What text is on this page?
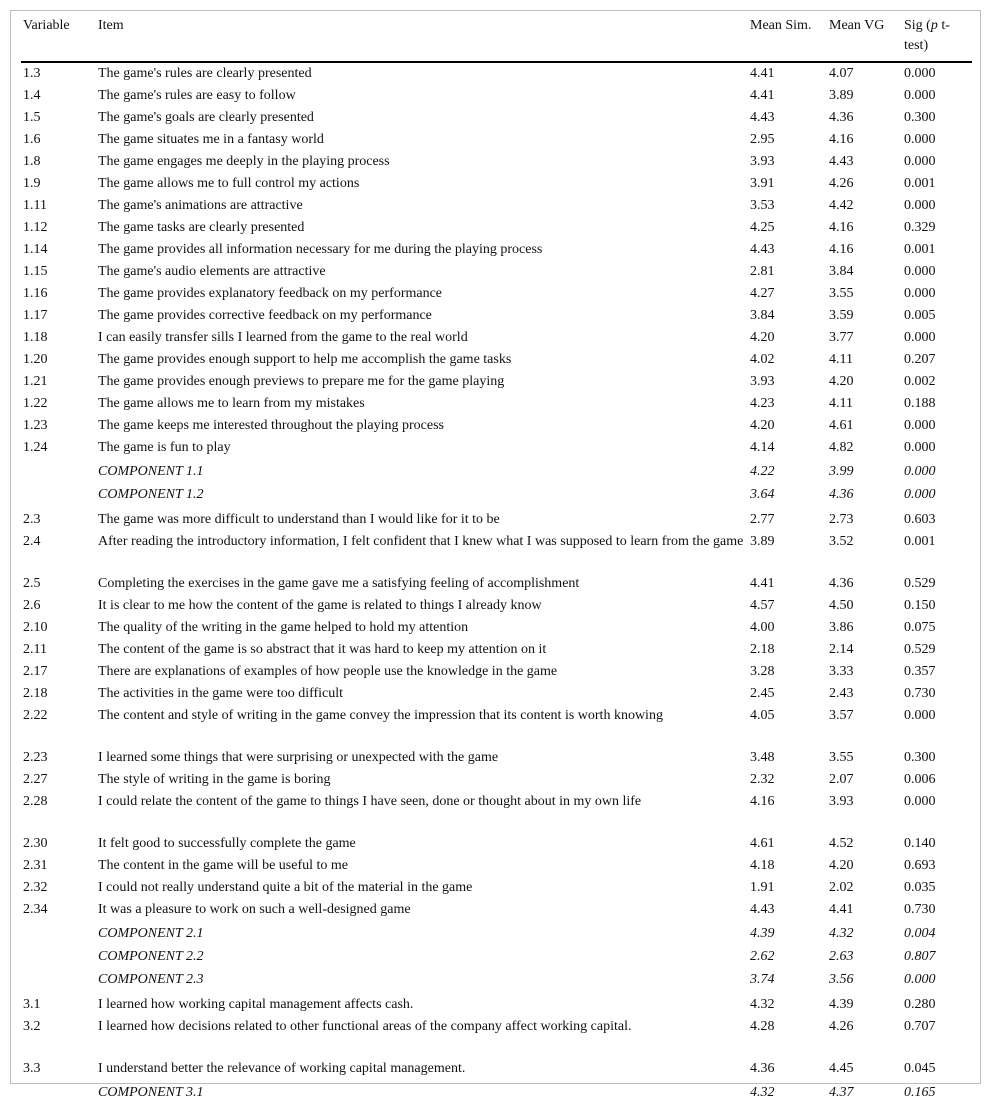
Variable	Item	Mean Sim.	Mean VG	Sig (p t-test)
1.3	The game's rules are clearly presented	4.41	4.07	0.000
1.4	The game's rules are easy to follow	4.41	3.89	0.000
1.5	The game's goals are clearly presented	4.43	4.36	0.300
1.6	The game situates me in a fantasy world	2.95	4.16	0.000
1.8	The game engages me deeply in the playing process	3.93	4.43	0.000
1.9	The game allows me to full control my actions	3.91	4.26	0.001
1.11	The game's animations are attractive	3.53	4.42	0.000
1.12	The game tasks are clearly presented	4.25	4.16	0.329
1.14	The game provides all information necessary for me during the playing process	4.43	4.16	0.001
1.15	The game's audio elements are attractive	2.81	3.84	0.000
1.16	The game provides explanatory feedback on my performance	4.27	3.55	0.000
1.17	The game provides corrective feedback on my performance	3.84	3.59	0.005
1.18	I can easily transfer sills I learned from the game to the real world	4.20	3.77	0.000
1.20	The game provides enough support to help me accomplish the game tasks	4.02	4.11	0.207
1.21	The game provides enough previews to prepare me for the game playing	3.93	4.20	0.002
1.22	The game allows me to learn from my mistakes	4.23	4.11	0.188
1.23	The game keeps me interested throughout the playing process	4.20	4.61	0.000
1.24	The game is fun to play	4.14	4.82	0.000
	COMPONENT 1.1	4.22	3.99	0.000
	COMPONENT 1.2	3.64	4.36	0.000
2.3	The game was more difficult to understand than I would like for it to be	2.77	2.73	0.603
2.4	After reading the introductory information, I felt confident that I knew what I was supposed to learn from the game	3.89	3.52	0.001
2.5	Completing the exercises in the game gave me a satisfying feeling of accomplishment	4.41	4.36	0.529
2.6	It is clear to me how the content of the game is related to things I already know	4.57	4.50	0.150
2.10	The quality of the writing in the game helped to hold my attention	4.00	3.86	0.075
2.11	The content of the game is so abstract that it was hard to keep my attention on it	2.18	2.14	0.529
2.17	There are explanations of examples of how people use the knowledge in the game	3.28	3.33	0.357
2.18	The activities in the game were too difficult	2.45	2.43	0.730
2.22	The content and style of writing in the game convey the impression that its content is worth knowing	4.05	3.57	0.000
2.23	I learned some things that were surprising or unexpected with the game	3.48	3.55	0.300
2.27	The style of writing in the game is boring	2.32	2.07	0.006
2.28	I could relate the content of the game to things I have seen, done or thought about in my own life	4.16	3.93	0.000
2.30	It felt good to successfully complete the game	4.61	4.52	0.140
2.31	The content in the game will be useful to me	4.18	4.20	0.693
2.32	I could not really understand quite a bit of the material in the game	1.91	2.02	0.035
2.34	It was a pleasure to work on such a well-designed game	4.43	4.41	0.730
	COMPONENT 2.1	4.39	4.32	0.004
	COMPONENT 2.2	2.62	2.63	0.807
	COMPONENT 2.3	3.74	3.56	0.000
3.1	I learned how working capital management affects cash.	4.32	4.39	0.280
3.2	I learned how decisions related to other functional areas of the company affect working capital.	4.28	4.26	0.707
3.3	I understand better the relevance of working capital management.	4.36	4.45	0.045
	COMPONENT 3.1	4.32	4.37	0.165
